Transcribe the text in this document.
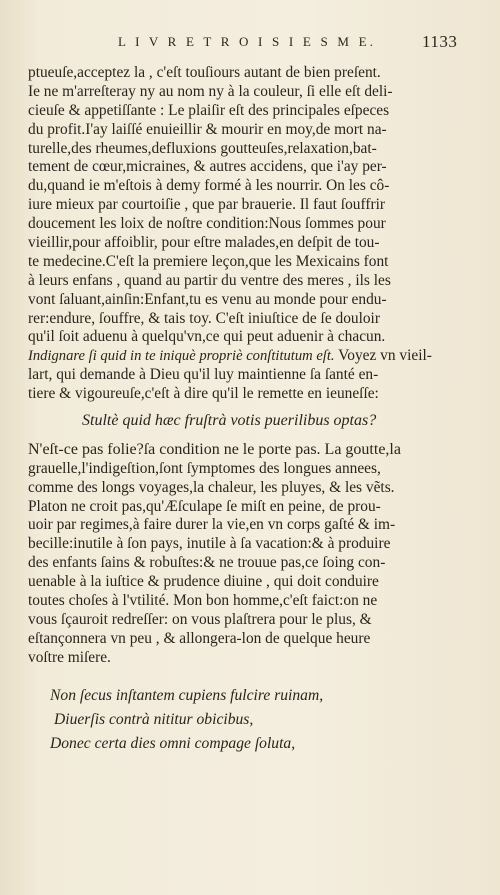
L I V R E T R O I S I E S M E.	1133
ptueuſe,acceptez la , c'eſt touſiours autant de bien preſent.
Ie ne m'arreſteray ny au nom ny à la couleur, ſi elle eſt deli-
cieuſe & appetiſſante : Le plaiſir eſt des principales eſpeces
du profit.I'ay laiſſé enuieillir & mourir en moy,de mort na-
turelle,des rheumes,defluxions goutteuſes,relaxation,bat-
tement de cœur,micraines, & autres accidens, que i'ay per-
du,quand ie m'eſtois à demy formé à les nourrir. On les cô-
iure mieux par courtoiſie , que par brauerie. Il faut ſouffrir
doucement les loix de noſtre condition:Nous ſommes pour
vieillir,pour affoiblir, pour eſtre malades,en deſpit de tou-
te medecine.C'eſt la premiere leçon,que les Mexicains font
à leurs enfans , quand au partir du ventre des meres , ils les
vont ſaluant,ainſin:Enfant,tu es venu au monde pour endu-
rer:endure, ſouffre, & tais toy. C'eſt iniuſtice de ſe douloir
qu'il ſoit aduenu à quelqu'vn,ce qui peut aduenir à chacun.
Indignare ſi quid in te iniquè propriè conſtitutum eſt. Voyez vn vieil-
lart, qui demande à Dieu qu'il luy maintienne ſa ſanté en-
tiere & vigoureuſe,c'eſt à dire qu'il le remette en ieuneſſe:
Stultè quid hæc fruſtrà votis puerilibus optas?
N'eſt-ce pas folie?ſa condition ne le porte pas. La goutte,la
grauelle,l'indigeſtion,ſont ſymptomes des longues annees,
comme des longs voyages,la chaleur, les pluyes, & les vẽts.
Platon ne croit pas,qu'Æſculape ſe miſt en peine, de prou-
uoir par regimes,à faire durer la vie,en vn corps gaſté & im-
becille:inutile à ſon pays, inutile à ſa vacation:& à produire
des enfants ſains & robuſtes:& ne trouue pas,ce ſoing con-
uenable à la iuſtice & prudence diuine , qui doit conduire
toutes choſes à l'vtilité. Mon bon homme,c'eſt faict:on ne
vous ſçauroit redreſſer: on vous plaſtrera pour le plus, &
eſtançonnera vn peu , & allongera-lon de quelque heure
voſtre miſere.
Non ſecus inſtantem cupiens fulcire ruinam,
Diuerſis contrà nititur obicibus,
Donec certa dies omni compage ſoluta,
